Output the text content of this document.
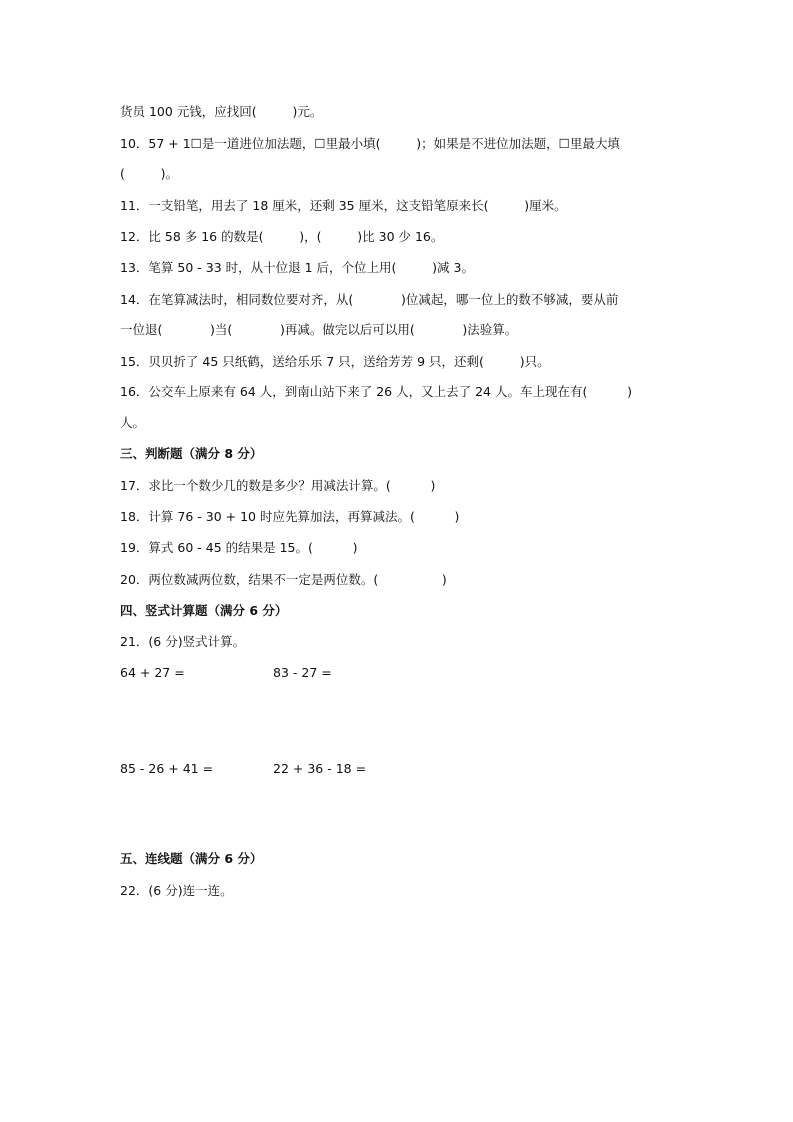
货员 100 元钱，应找回(         )元。
10．57 + 1☐是一道进位加法题，☐里最小填(         )；如果是不进位加法题，☐里最大填
(         )。
11．一支铅笔，用去了 18 厘米，还剩 35 厘米，这支铅笔原来长(         )厘米。
12．比 58 多 16 的数是(         )，(         )比 30 少 16。
13．笔算 50 - 33 时，从十位退 1 后，个位上用(         )减 3。
14．在笔算减法时，相同数位要对齐，从(            )位减起，哪一位上的数不够减，要从前
一位退(            )当(            )再减。做完以后可以用(            )法验算。
15．贝贝折了 45 只纸鹤，送给乐乐 7 只，送给芳芳 9 只，还剩(         )只。
16．公交车上原来有 64 人，到南山站下来了 26 人，又上去了 24 人。车上现在有(          )
人。
三、判断题（满分 8 分）
17．求比一个数少几的数是多少？用减法计算。(          )
18．计算 76 - 30 + 10 时应先算加法，再算减法。(          )
19．算式 60 - 45 的结果是 15。(          )
20．两位数减两位数，结果不一定是两位数。(                )
四、竖式计算题（满分 6 分）
21．(6 分)竖式计算。
64 + 27 =	83 - 27 =
85 - 26 + 41 =	22 + 36 - 18 =
五、连线题（满分 6 分）
22．(6 分)连一连。
